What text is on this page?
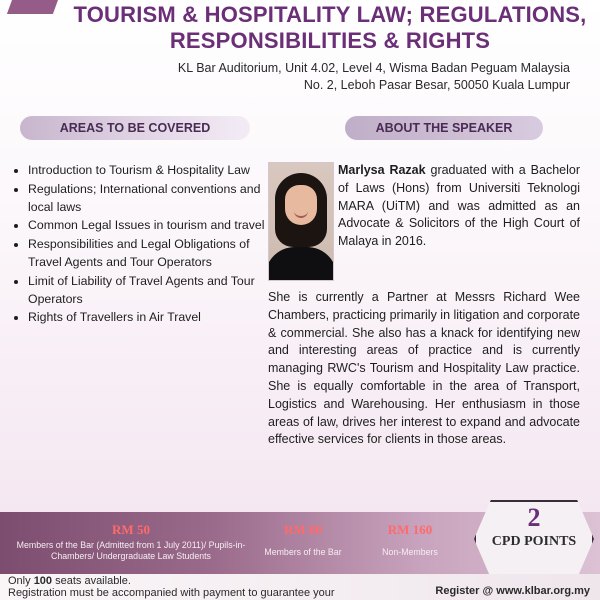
TOURISM & HOSPITALITY LAW; REGULATIONS,
RESPONSIBILITIES & RIGHTS
KL Bar Auditorium, Unit 4.02, Level 4, Wisma Badan Peguam Malaysia
No. 2, Leboh Pasar Besar, 50050 Kuala Lumpur
AREAS TO BE COVERED	ABOUT THE SPEAKER
• Introduction to Tourism & Hospitality Law
• Regulations; International conventions and local laws
• Common Legal Issues in tourism and travel
• Responsibilities and Legal Obligations of Travel Agents and Tour Operators
• Limit of Liability of Travel Agents and Tour Operators
• Rights of Travellers in Air Travel
Marlysa Razak graduated with a Bachelor of Laws (Hons) from Universiti Teknologi MARA (UiTM) and was admitted as an Advocate & Solicitors of the High Court of Malaya in 2016.
She is currently a Partner at Messrs Richard Wee Chambers, practicing primarily in litigation and corporate & commercial. She also has a knack for identifying new and interesting areas of practice and is currently managing RWC's Tourism and Hospitality Law practice. She is equally comfortable in the area of Transport, Logistics and Warehousing. Her enthusiasm in those areas of law, drives her interest to expand and advocate effective services for clients in those areas.
RM 50
Members of the Bar (Admitted from 1 July 2011)/ Pupils-in-Chambers/ Undergraduate Law Students
RM 80
Members of the Bar
RM 160
Non-Members
2
CPD POINTS
Only 100 seats available.
Registration must be accompanied with payment to guarantee your	Register @ www.klbar.org.my
